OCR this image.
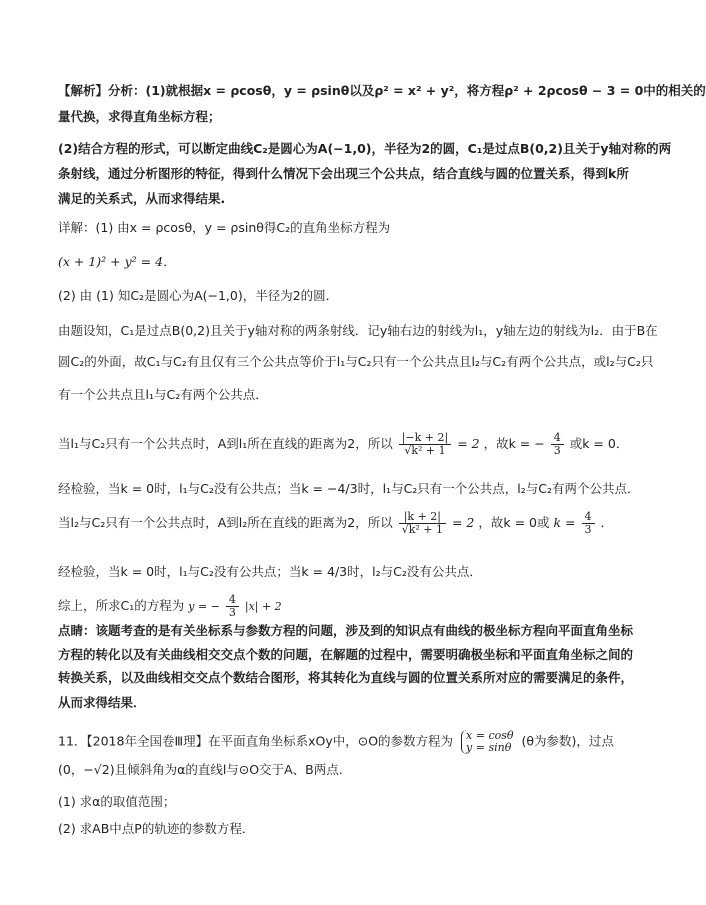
【解析】分析：(1)就根据x = ρcosθ，y = ρsinθ以及ρ² = x² + y²，将方程ρ² + 2ρcosθ − 3 = 0中的相关的
量代换，求得直角坐标方程；
(2)结合方程的形式，可以断定曲线C₂是圆心为A(−1,0)，半径为2的圆，C₁是过点B(0,2)且关于y轴对称的两
条射线，通过分析图形的特征，得到什么情况下会出现三个公共点，结合直线与圆的位置关系，得到k所
满足的关系式，从而求得结果.
详解：(1) 由x = ρcosθ，y = ρsinθ得C₂的直角坐标方程为
(x + 1)² + y² = 4．
(2) 由 (1) 知C₂是圆心为A(−1,0)，半径为2的圆．
由题设知，C₁是过点B(0,2)且关于y轴对称的两条射线．记y轴右边的射线为l₁，y轴左边的射线为l₂．由于B在
圆C₂的外面，故C₁与C₂有且仅有三个公共点等价于l₁与C₂只有一个公共点且l₂与C₂有两个公共点，或l₂与C₂只
有一个公共点且l₁与C₂有两个公共点．
当l₁与C₂只有一个公共点时，A到l₁所在直线的距离为2，所以 $\frac{|-k + 2|}{\text{√k² + 1}} = 2$ ，故k = − $\frac{4}{3}$ 或k = 0．
经检验，当k = 0时，l₁与C₂没有公共点；当k = −4/3时，l₁与C₂只有一个公共点，l₂与C₂有两个公共点．
当l₂与C₂只有一个公共点时，A到l₂所在直线的距离为2，所以 $\frac{|k + 2|}{\text{√k² + 1}} = 2$ ，故k = 0或 $k = \frac{4}{3}$ ．
经检验，当k = 0时，l₁与C₂没有公共点；当k = 4/3时，l₂与C₂没有公共点．
综上，所求C₁的方程为 y = − $\frac{4}{3} |x| + 2$
点睛：该题考查的是有关坐标系与参数方程的问题，涉及到的知识点有曲线的极坐标方程向平面直角坐标
方程的转化以及有关曲线相交交点个数的问题，在解题的过程中，需要明确极坐标和平面直角坐标之间的
转换关系，以及曲线相交交点个数结合图形，将其转化为直线与圆的位置关系所对应的需要满足的条件，
从而求得结果．
11．【2018年全国卷Ⅲ理】在平面直角坐标系xOy中，⊙O的参数方程为 x = cosθ
y = sinθ (θ为参数)，过点
(0，−√2)且倾斜角为α的直线l与⊙O交于A、B两点．
(1) 求α的取值范围；
(2) 求AB中点P的轨迹的参数方程．
